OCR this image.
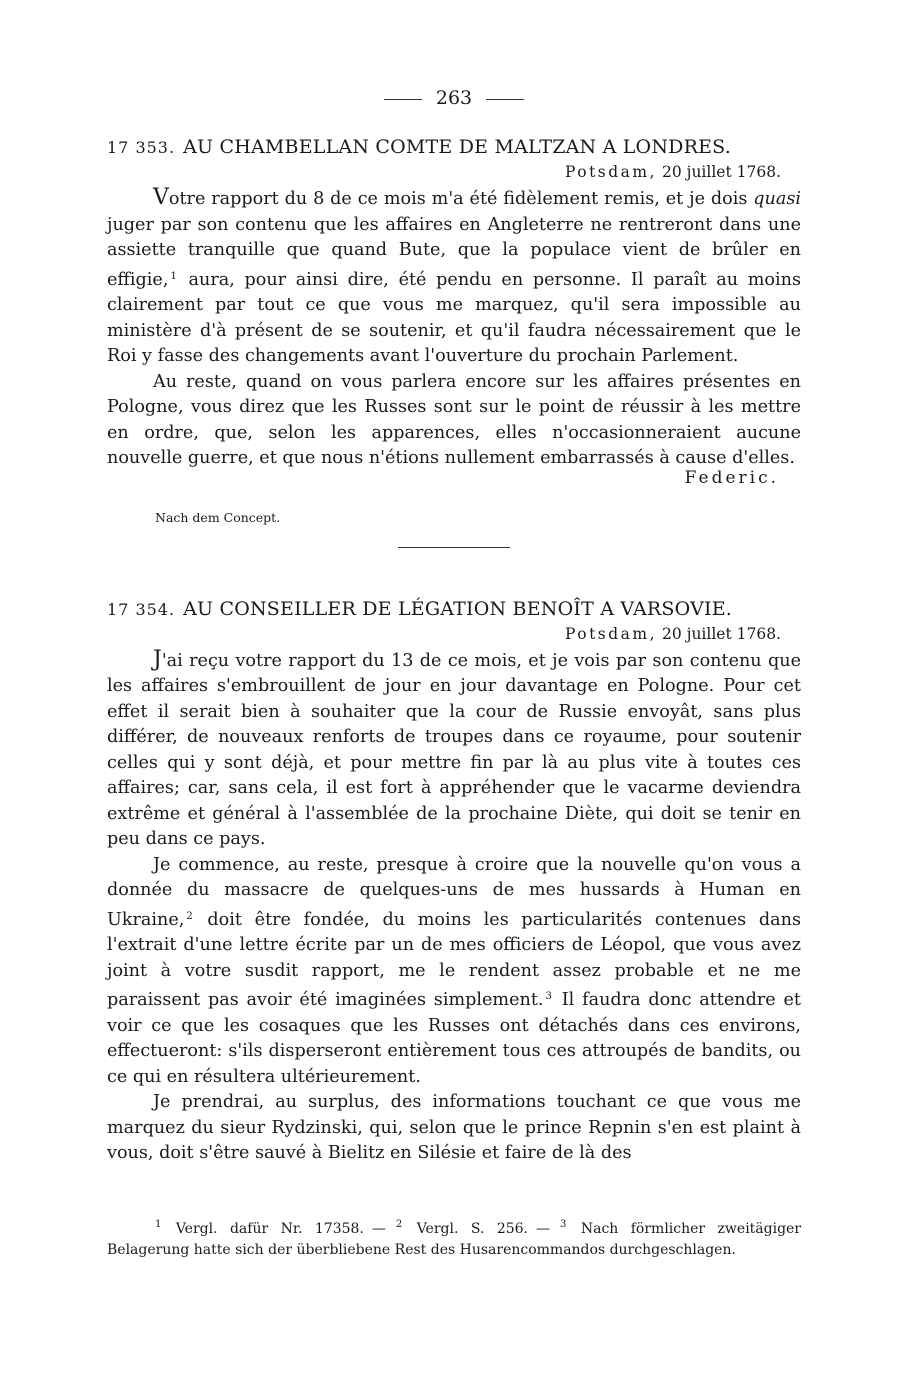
263
17 353. AU CHAMBELLAN COMTE DE MALTZAN A LONDRES.
Potsdam, 20 juillet 1768.

Votre rapport du 8 de ce mois m'a été fidèlement remis, et je dois quasi juger par son contenu que les affaires en Angleterre ne rentreront dans une assiette tranquille que quand Bute, que la populace vient de brûler en effigie, $^1$ aura, pour ainsi dire, été pendu en personne. Il paraît au moins clairement par tout ce que vous me marquez, qu'il sera impossible au ministère d'à présent de se soutenir, et qu'il faudra nécessairement que le Roi y fasse des changements avant l'ouverture du prochain Parlement.

Au reste, quand on vous parlera encore sur les affaires présentes en Pologne, vous direz que les Russes sont sur le point de réussir à les mettre en ordre, que, selon les apparences, elles n'occasionneraient aucune nouvelle guerre, et que nous n'étions nullement embarrassés à cause d'elles.

Federic.
Nach dem Concept.
17 354. AU CONSEILLER DE LÉGATION BENOÎT A VARSOVIE.
Potsdam, 20 juillet 1768.

J'ai reçu votre rapport du 13 de ce mois, et je vois par son contenu que les affaires s'embrouillent de jour en jour davantage en Pologne. Pour cet effet il serait bien à souhaiter que la cour de Russie envoyât, sans plus différer, de nouveaux renforts de troupes dans ce royaume, pour soutenir celles qui y sont déjà, et pour mettre fin par là au plus vite à toutes ces affaires; car, sans cela, il est fort à appréhender que le vacarme deviendra extrême et général à l'assemblée de la prochaine Diète, qui doit se tenir en peu dans ce pays.

Je commence, au reste, presque à croire que la nouvelle qu'on vous a donnée du massacre de quelques-uns de mes hussards à Human en Ukraine, $^2$ doit être fondée, du moins les particularités contenues dans l'extrait d'une lettre écrite par un de mes officiers de Léopol, que vous avez joint à votre susdit rapport, me le rendent assez probable et ne me paraissent pas avoir été imaginées simplement. $^3$ Il faudra donc attendre et voir ce que les cosaques que les Russes ont détachés dans ces environs, effectueront: s'ils disperseront entièrement tous ces attroupés de bandits, ou ce qui en résultera ultérieurement.

Je prendrai, au surplus, des informations touchant ce que vous me marquez du sieur Rydzinski, qui, selon que le prince Repnin s'en est plaint à vous, doit s'être sauvé à Bielitz en Silésie et faire de là des

$^1$ Vergl. dafür Nr. 17358. — $^2$ Vergl. S. 256. — $^3$ Nach förmlicher zweitägiger Belagerung hatte sich der überbliebene Rest des Husarencommandos durchgeschlagen.
